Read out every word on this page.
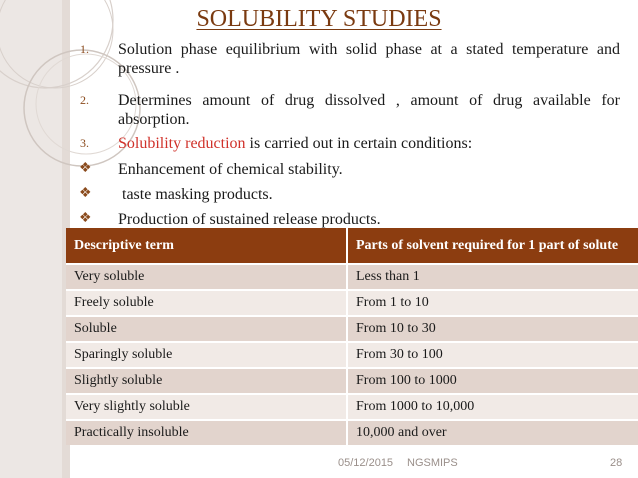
SOLUBILITY STUDIES
1. Solution phase equilibrium with solid phase at a stated temperature and pressure .
2. Determines amount of drug dissolved , amount of drug available for absorption.
3. Solubility reduction is carried out in certain conditions:
❖ Enhancement of chemical stability.
❖ taste masking products.
❖ Production of sustained release products.
Descriptive term	Parts of solvent required for 1 part of solute
Very soluble	Less than 1
Freely soluble	From 1 to 10
Soluble	From 10 to 30
Sparingly soluble	From 30 to 100
Slightly soluble	From 100 to 1000
Very slightly soluble	From 1000 to 10,000
Practically insoluble	10,000 and over
05/12/2015 NGSMIPS	28
